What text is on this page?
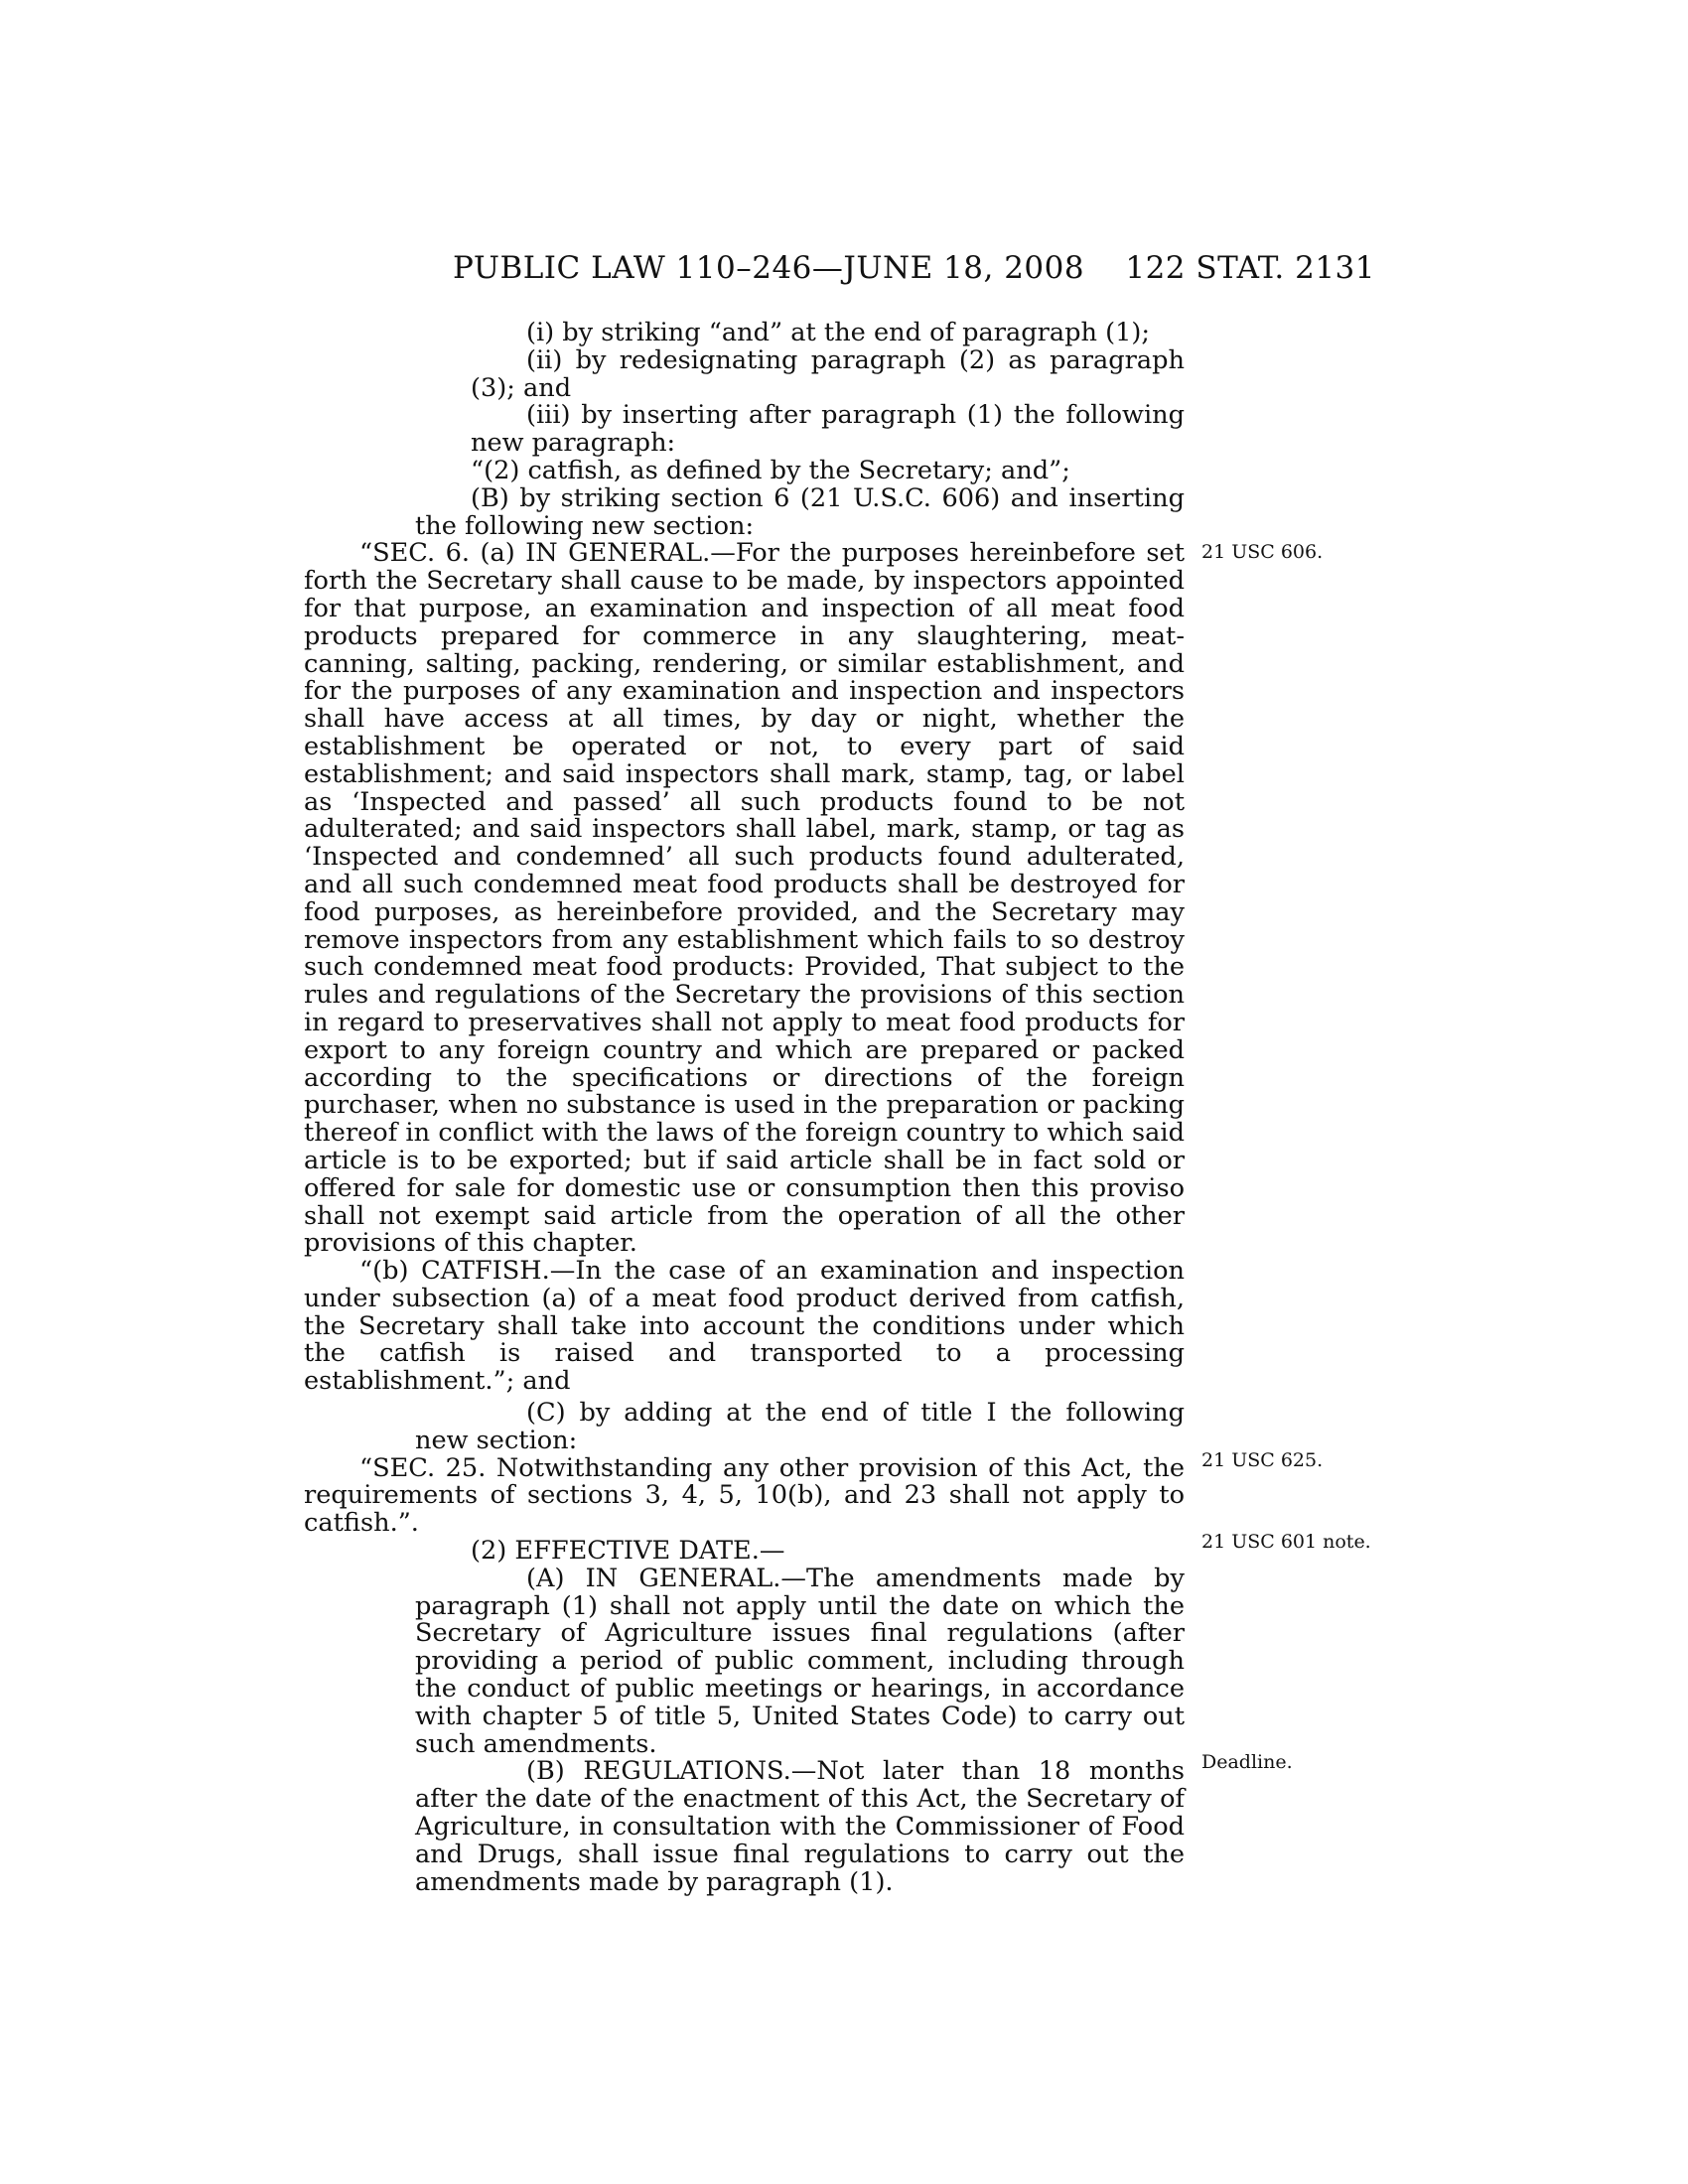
PUBLIC LAW 110–246—JUNE 18, 2008 122 STAT. 2131

(i) by striking “and” at the end of paragraph (1);

(ii) by redesignating paragraph (2) as paragraph (3); and

(iii) by inserting after paragraph (1) the following new paragraph:

“(2) catfish, as defined by the Secretary; and”;

(B) by striking section 6 (21 U.S.C. 606) and inserting the following new section:

“SEC. 6. (a) IN GENERAL.—For the purposes hereinbefore set forth the Secretary shall cause to be made, by inspectors appointed for that purpose, an examination and inspection of all meat food products prepared for commerce in any slaughtering, meat-canning, salting, packing, rendering, or similar establishment, and for the purposes of any examination and inspection and inspectors shall have access at all times, by day or night, whether the establishment be operated or not, to every part of said establishment; and said inspectors shall mark, stamp, tag, or label as ‘Inspected and passed’ all such products found to be not adulterated; and said inspectors shall label, mark, stamp, or tag as ‘Inspected and condemned’ all such products found adulterated, and all such condemned meat food products shall be destroyed for food purposes, as hereinbefore provided, and the Secretary may remove inspectors from any establishment which fails to so destroy such condemned meat food products: Provided, That subject to the rules and regulations of the Secretary the provisions of this section in regard to preservatives shall not apply to meat food products for export to any foreign country and which are prepared or packed according to the specifications or directions of the foreign purchaser, when no substance is used in the preparation or packing thereof in conflict with the laws of the foreign country to which said article is to be exported; but if said article shall be in fact sold or offered for sale for domestic use or consumption then this proviso shall not exempt said article from the operation of all the other provisions of this chapter.

“(b) CATFISH.—In the case of an examination and inspection under subsection (a) of a meat food product derived from catfish, the Secretary shall take into account the conditions under which the catfish is raised and transported to a processing establishment.”; and

(C) by adding at the end of title I the following new section:

“SEC. 25. Notwithstanding any other provision of this Act, the requirements of sections 3, 4, 5, 10(b), and 23 shall not apply to catfish.”.

(2) EFFECTIVE DATE.—

(A) IN GENERAL.—The amendments made by paragraph (1) shall not apply until the date on which the Secretary of Agriculture issues final regulations (after providing a period of public comment, including through the conduct of public meetings or hearings, in accordance with chapter 5 of title 5, United States Code) to carry out such amendments.

(B) REGULATIONS.—Not later than 18 months after the date of the enactment of this Act, the Secretary of Agriculture, in consultation with the Commissioner of Food and Drugs, shall issue final regulations to carry out the amendments made by paragraph (1).

21 USC 606.
21 USC 625.
21 USC 601 note.
Deadline.
